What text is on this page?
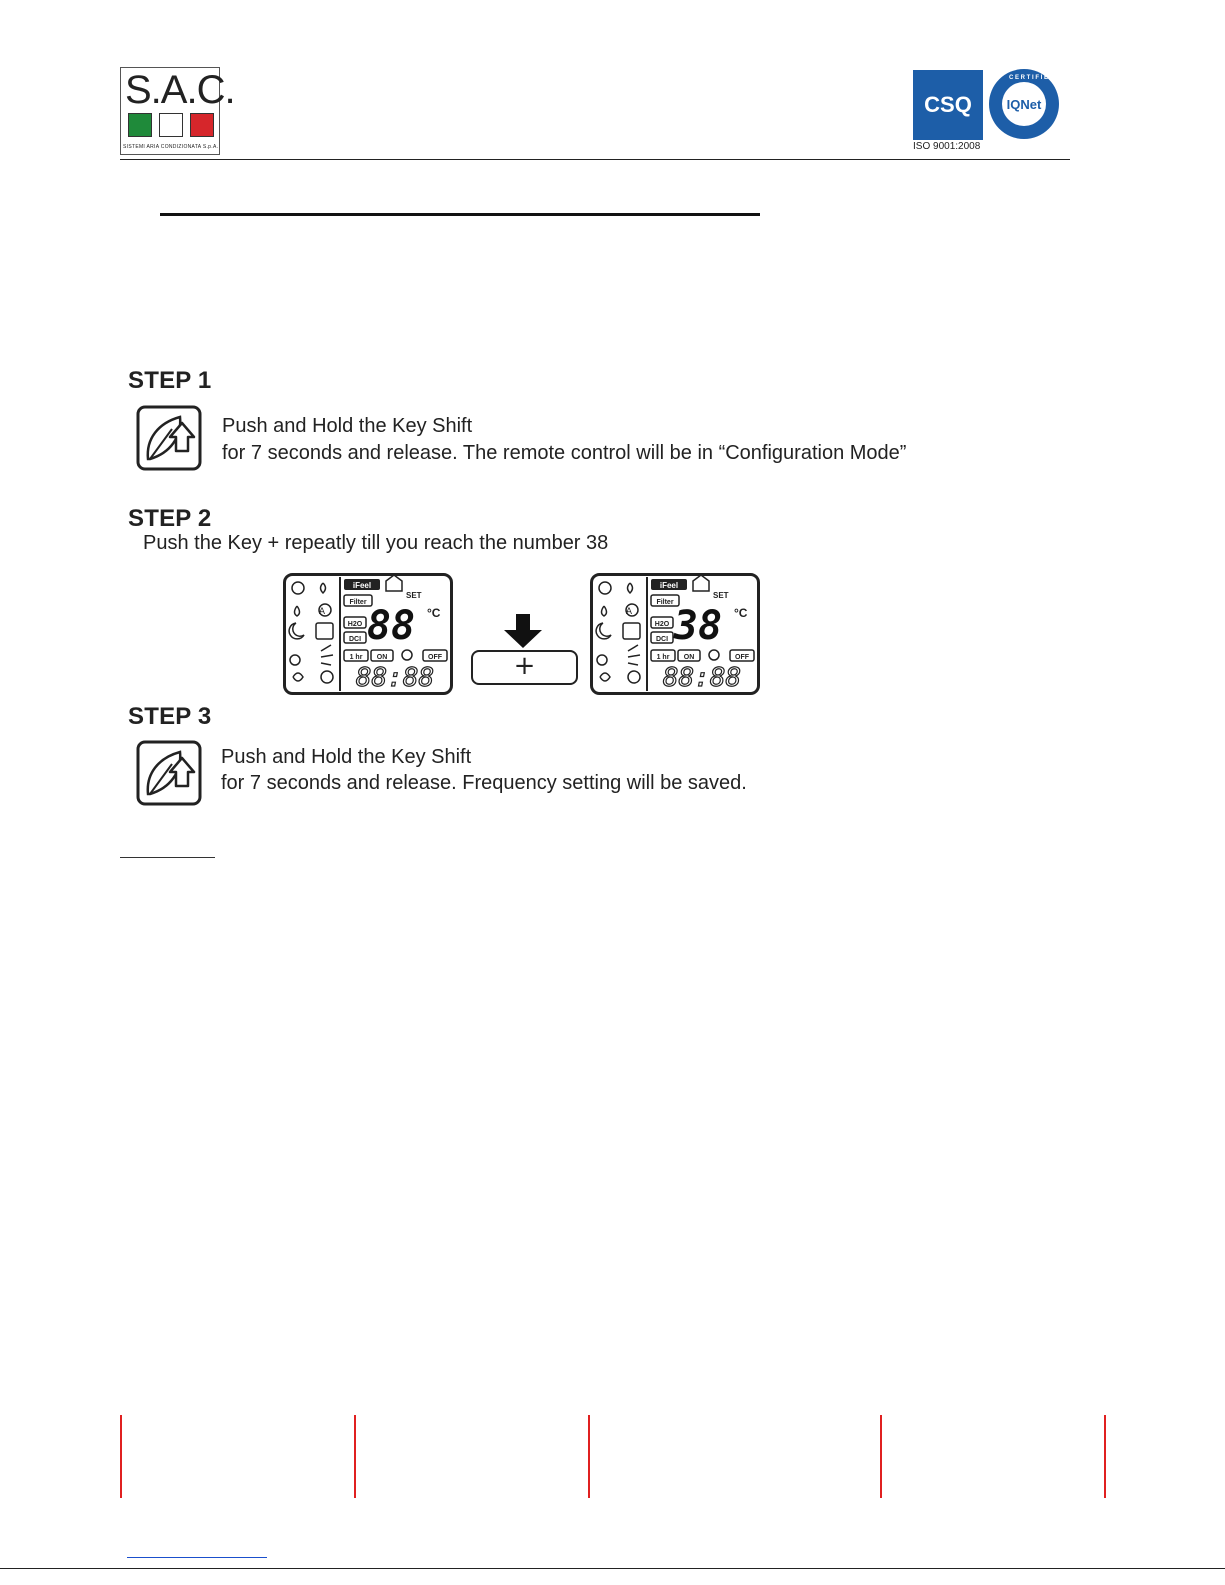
S.A.C.
SISTEMI ARIA CONDIZIONATA S.p.A.
CSQ	IQNet
C E R T I F I E D
ISO 9001:2008
STEP 1
Push and Hold the Key Shift
for 7 seconds and release. The remote control will be in “Configuration Mode”
STEP 2
Push the Key + repeatly till you reach the number 38
A
iFeel
Filter
H2O
DCI
SET
88 °C
1 hr ON	OFF
88:88	+
A
iFeel
Filter
H2O
DCI
SET
38 °C
1 hr ON	OFF
88:88
STEP 3
Push and Hold the Key Shift
for 7 seconds and release. Frequency setting will be saved.
